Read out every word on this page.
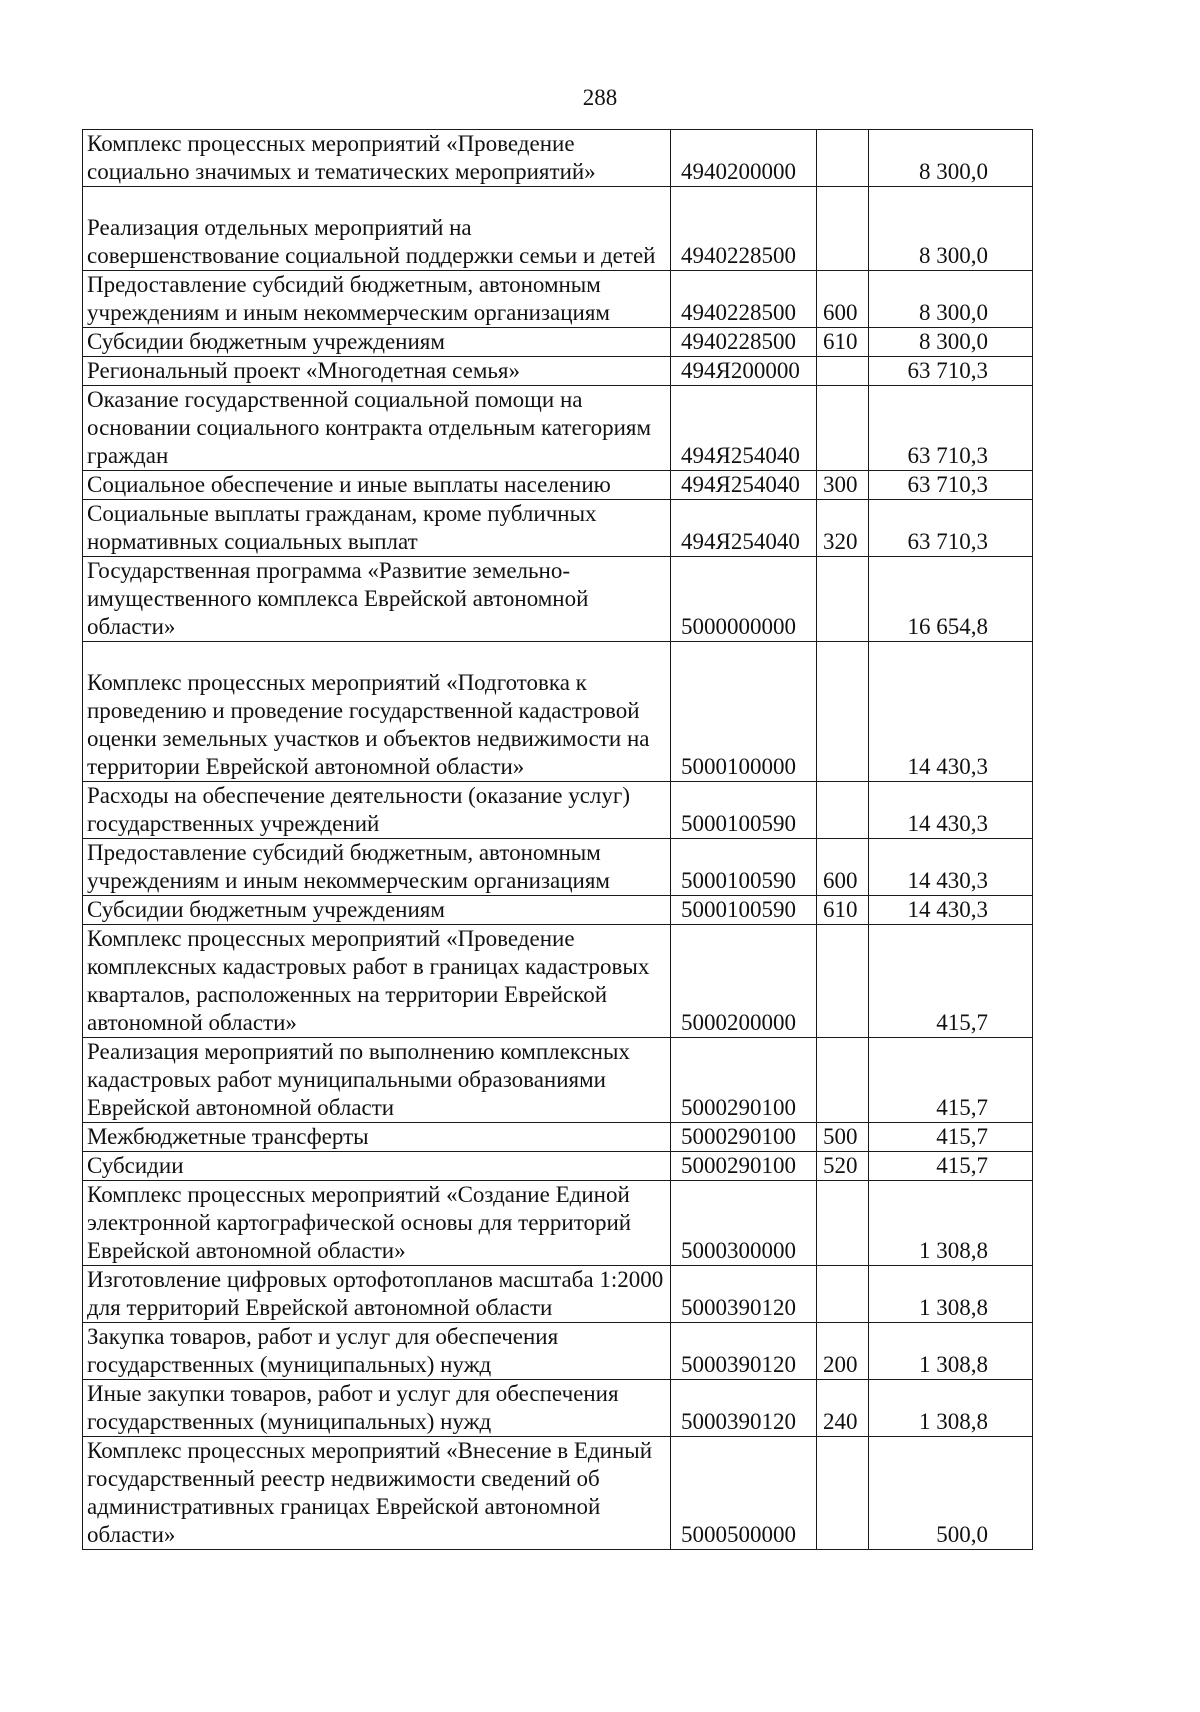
288
Комплекс процессных мероприятий «Проведение социально значимых и тематических мероприятий»	4940200000		8 300,0
Реализация отдельных мероприятий на совершенствование социальной поддержки семьи и детей	4940228500		8 300,0
Предоставление субсидий бюджетным, автономным учреждениям и иным некоммерческим организациям	4940228500	600	8 300,0
Субсидии бюджетным учреждениям	4940228500	610	8 300,0
Региональный проект «Многодетная семья»	494Я200000		63 710,3
Оказание государственной социальной помощи на основании социального контракта отдельным категориям граждан	494Я254040		63 710,3
Социальное обеспечение и иные выплаты населению	494Я254040	300	63 710,3
Социальные выплаты гражданам, кроме публичных нормативных социальных выплат	494Я254040	320	63 710,3
Государственная программа «Развитие земельно-имущественного комплекса Еврейской автономной области»	5000000000		16 654,8
Комплекс процессных мероприятий «Подготовка к проведению и проведение государственной кадастровой оценки земельных участков и объектов недвижимости на территории Еврейской автономной области»	5000100000		14 430,3
Расходы на обеспечение деятельности (оказание услуг) государственных учреждений	5000100590		14 430,3
Предоставление субсидий бюджетным, автономным учреждениям и иным некоммерческим организациям	5000100590	600	14 430,3
Субсидии бюджетным учреждениям	5000100590	610	14 430,3
Комплекс процессных мероприятий «Проведение комплексных кадастровых работ в границах кадастровых кварталов, расположенных на территории Еврейской автономной области»	5000200000		415,7
Реализация мероприятий по выполнению комплексных кадастровых работ муниципальными образованиями Еврейской автономной области	5000290100		415,7
Межбюджетные трансферты	5000290100	500	415,7
Субсидии	5000290100	520	415,7
Комплекс процессных мероприятий «Создание Единой электронной картографической основы для территорий Еврейской автономной области»	5000300000		1 308,8
Изготовление цифровых ортофотопланов масштаба 1:2000 для территорий Еврейской автономной области	5000390120		1 308,8
Закупка товаров, работ и услуг для обеспечения государственных (муниципальных) нужд	5000390120	200	1 308,8
Иные закупки товаров, работ и услуг для обеспечения государственных (муниципальных) нужд	5000390120	240	1 308,8
Комплекс процессных мероприятий «Внесение в Единый государственный реестр недвижимости сведений об административных границах Еврейской автономной области»	5000500000		500,0
